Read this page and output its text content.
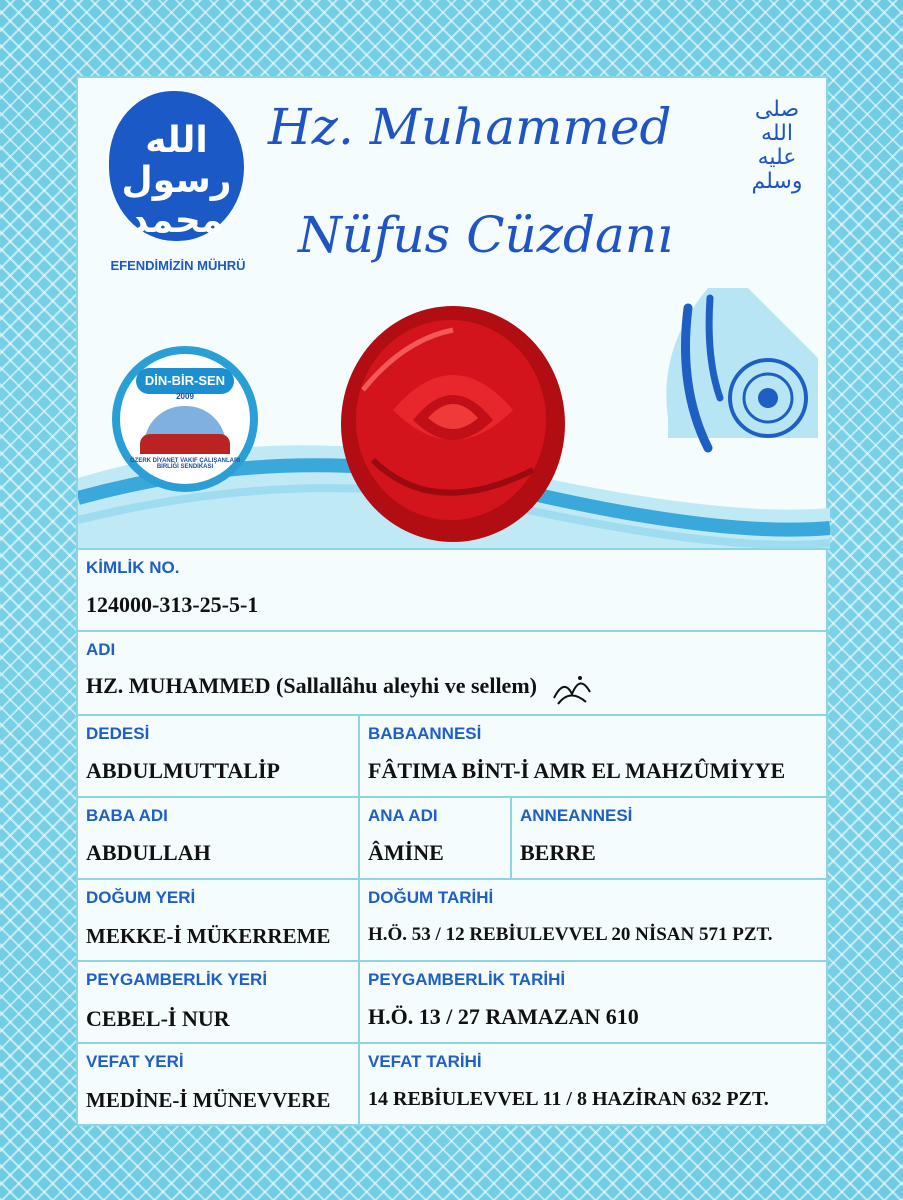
الله
رسول
محمد
EFENDİMİZİN MÜHRÜ
Hz. Muhammed
Nüfus Cüzdanı
صلى الله عليه وسلم
DİN-BİR-SEN
2009
ÖZERK DİYANET VAKIF ÇALIŞANLARI BİRLİĞİ SENDİKASI
KİMLİK NO.
124000-313-25-5-1
ADI
HZ. MUHAMMED (Sallallâhu aleyhi ve sellem)
DEDESİ
ABDULMUTTALİP
BABAANNESİ
FÂTIMA BİNT-İ AMR EL MAHZÛMİYYE
BABA ADI
ABDULLAH
ANA ADI
ÂMİNE
ANNEANNESİ
BERRE
DOĞUM YERİ
MEKKE-İ MÜKERREME
DOĞUM TARİHİ
H.Ö. 53 / 12 REBİULEVVEL 20 NİSAN 571 PZT.
PEYGAMBERLİK YERİ
CEBEL-İ NUR
PEYGAMBERLİK TARİHİ
H.Ö. 13 / 27 RAMAZAN 610
VEFAT YERİ
MEDİNE-İ MÜNEVVERE
VEFAT TARİHİ
14 REBİULEVVEL 11 / 8 HAZİRAN 632 PZT.
